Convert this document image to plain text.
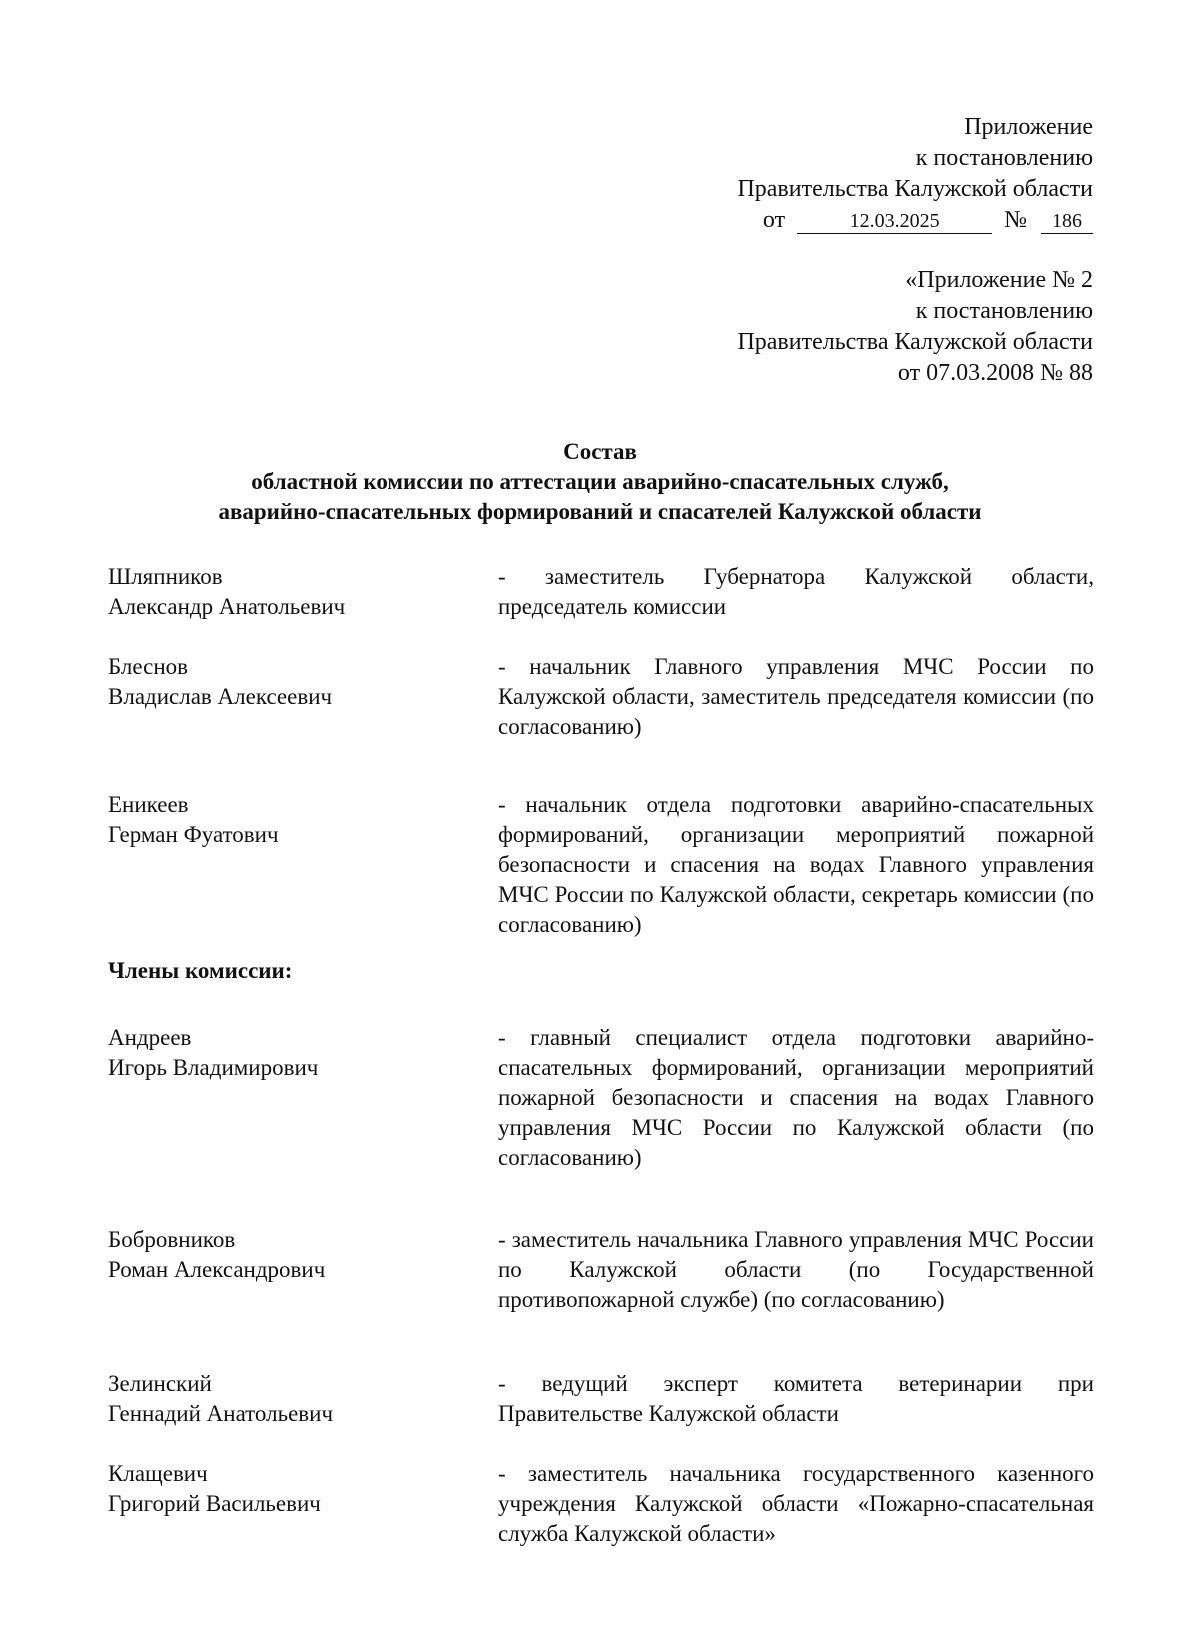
Приложение
к постановлению
Правительства Калужской области
от	12.03.2025	№ 186
«Приложение № 2
к постановлению
Правительства Калужской области
от 07.03.2008 № 88
Состав
областной комиссии по аттестации аварийно-спасательных служб,
аварийно-спасательных формирований и спасателей Калужской области
Шляпников
Александр Анатольевич
- заместитель Губернатора Калужской области, председатель комиссии
Блеснов
Владислав Алексеевич
- начальник Главного управления МЧС России по Калужской области, заместитель председателя комиссии (по согласованию)
Еникеев
Герман Фуатович
- начальник отдела подготовки аварийно-спасательных формирований, организации мероприятий пожарной безопасности и спасения на водах Главного управления МЧС России по Калужской области, секретарь комиссии (по согласованию)
Члены комиссии:
Андреев
Игорь Владимирович
- главный специалист отдела подготовки аварийно-спасательных формирований, организации мероприятий пожарной безопасности и спасения на водах Главного управления МЧС России по Калужской области (по согласованию)
Бобровников
Роман Александрович
- заместитель начальника Главного управления МЧС России по Калужской области (по Государственной противопожарной службе) (по согласованию)
Зелинский
Геннадий Анатольевич
- ведущий эксперт комитета ветеринарии при Правительстве Калужской области
Клащевич
Григорий Васильевич
- заместитель начальника государственного казенного учреждения Калужской области «Пожарно-спасательная служба Калужской области»
